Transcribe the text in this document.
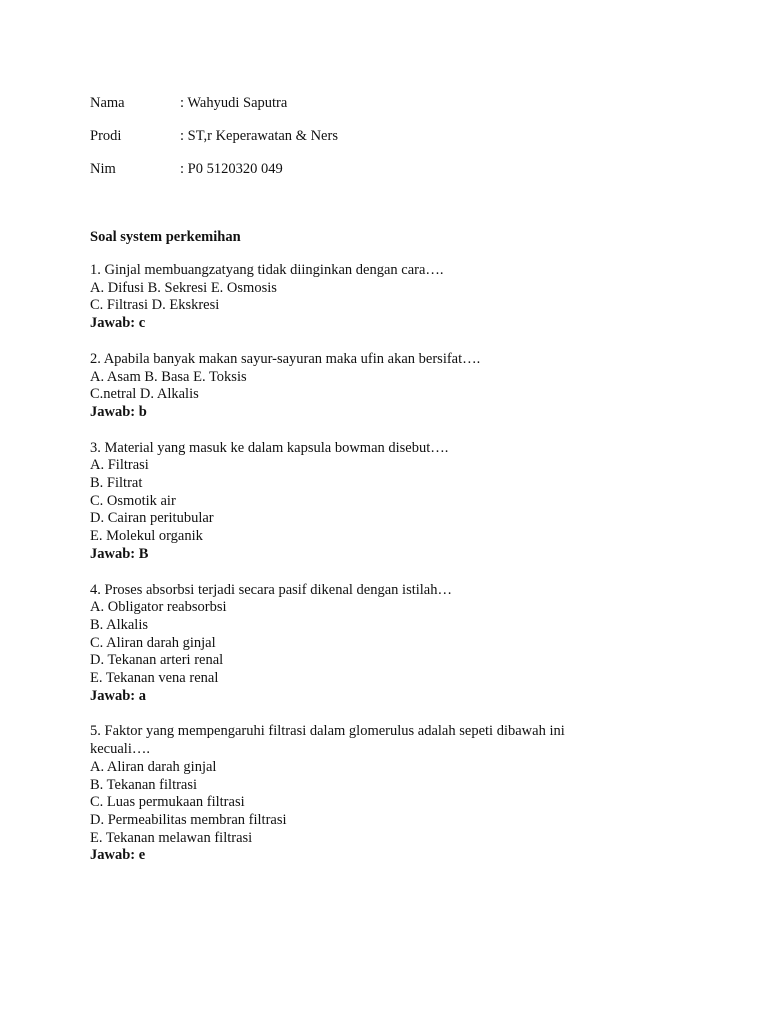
Nama	: Wahyudi Saputra
Prodi	: ST,r Keperawatan & Ners
Nim	: P0 5120320 049
Soal system perkemihan
1. Ginjal membuangzatyang tidak diinginkan dengan cara….
A. Difusi B. Sekresi E. Osmosis
C. Filtrasi D. Ekskresi
Jawab: c
2. Apabila banyak makan sayur-sayuran maka ufin akan bersifat….
A. Asam B. Basa E. Toksis
C.netral D. Alkalis
Jawab: b
3. Material yang masuk ke dalam kapsula bowman disebut….
A. Filtrasi
B. Filtrat
C. Osmotik air
D. Cairan peritubular
E. Molekul organik
Jawab: B
4. Proses absorbsi terjadi secara pasif dikenal dengan istilah…
A. Obligator reabsorbsi
B. Alkalis
C. Aliran darah ginjal
D. Tekanan arteri renal
E. Tekanan vena renal
Jawab: a
5. Faktor yang mempengaruhi filtrasi dalam glomerulus adalah sepeti dibawah ini
kecuali….
A. Aliran darah ginjal
B. Tekanan filtrasi
C. Luas permukaan filtrasi
D. Permeabilitas membran filtrasi
E. Tekanan melawan filtrasi
Jawab: e
